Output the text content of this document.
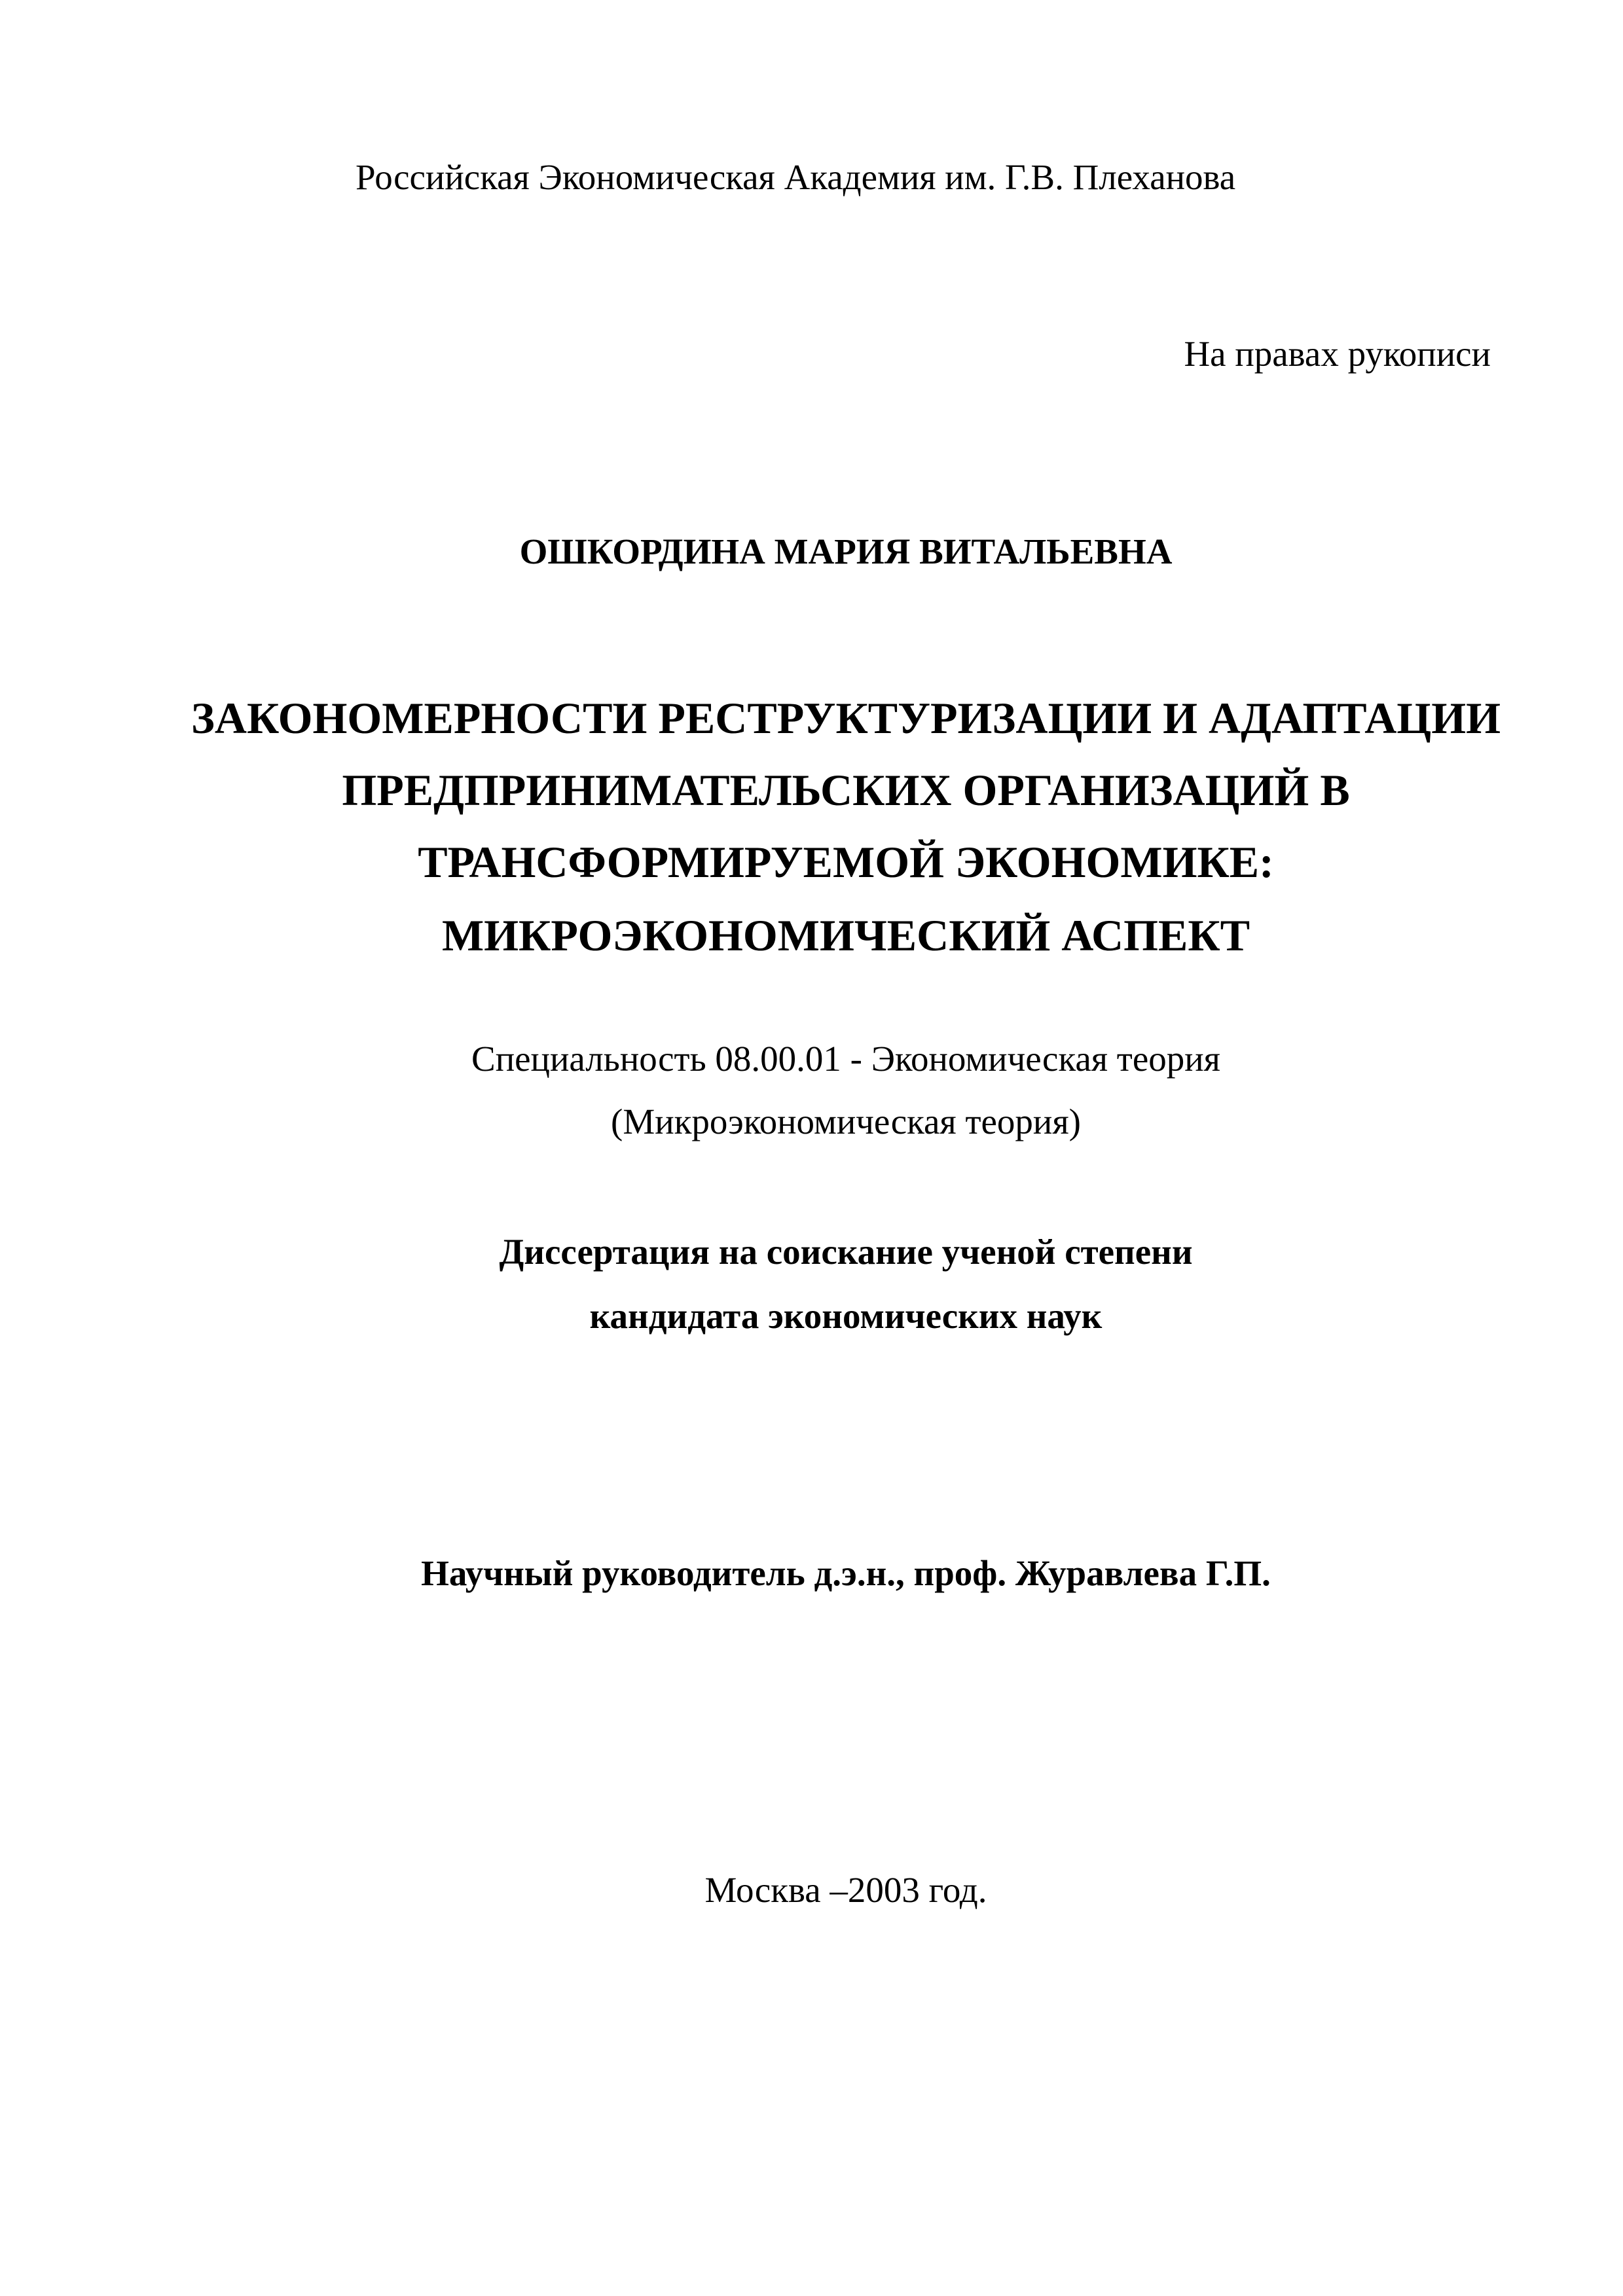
Российская Экономическая Академия им. Г.В. Плеханова
На правах рукописи
ОШКОРДИНА МАРИЯ ВИТАЛЬЕВНА
ЗАКОНОМЕРНОСТИ РЕСТРУКТУРИЗАЦИИ И АДАПТАЦИИ
ПРЕДПРИНИМАТЕЛЬСКИХ ОРГАНИЗАЦИЙ В
ТРАНСФОРМИРУЕМОЙ ЭКОНОМИКЕ:
МИКРОЭКОНОМИЧЕСКИЙ АСПЕКТ
Специальность 08.00.01 - Экономическая теория
(Микроэкономическая теория)
Диссертация на соискание ученой степени
кандидата экономических наук
Научный руководитель д.э.н., проф. Журавлева Г.П.
Москва –2003 год.
